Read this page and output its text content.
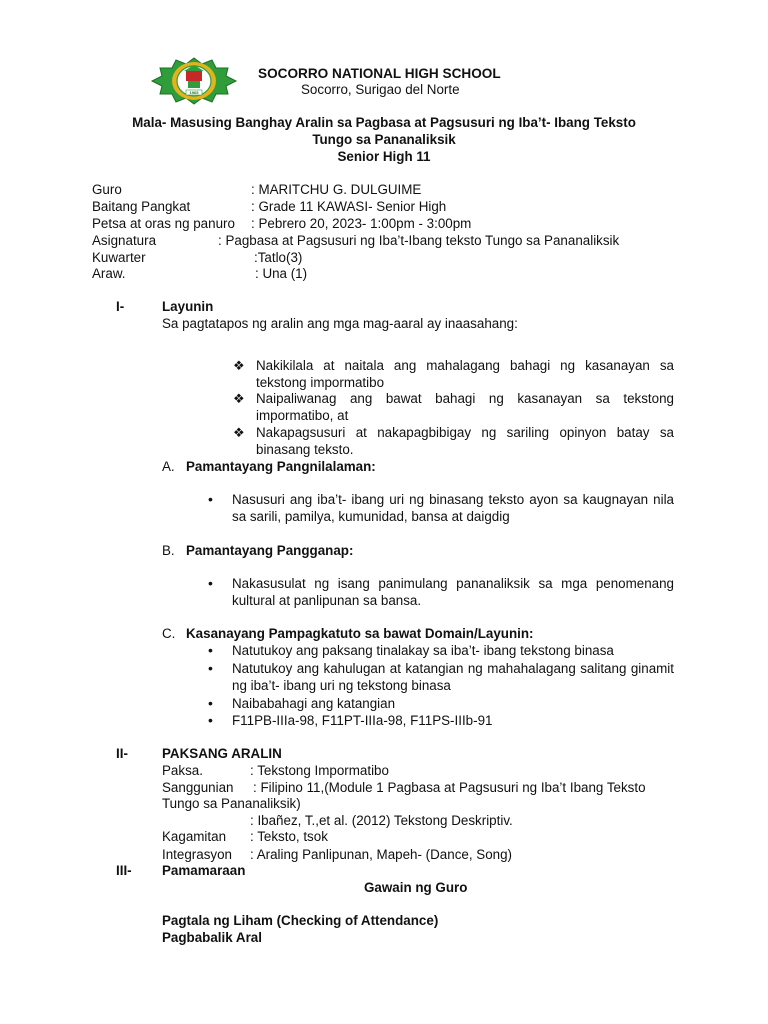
1965
SOCORRO NATIONAL HIGH SCHOOL
Socorro, Surigao del Norte
Mala- Masusing Banghay Aralin sa Pagbasa at Pagsusuri ng Iba’t- Ibang Teksto
Tungo sa Pananaliksik
Senior High 11
Guro	: MARITCHU G. DULGUIME
Baitang Pangkat	: Grade 11 KAWASI- Senior High
Petsa at oras ng panuro : Pebrero 20, 2023- 1:00pm - 3:00pm
Asignatura	: Pagbasa at Pagsusuri ng Iba’t-Ibang teksto Tungo sa Pananaliksik
Kuwarter	:Tatlo(3)
Araw.	: Una (1)
I-	Layunin
Sa pagtatapos ng aralin ang mga mag-aaral ay inaasahang:
❖ Nakikilala at naitala ang mahalagang bahagi ng kasanayan sa tekstong impormatibo
❖ Naipaliwanag ang bawat bahagi ng kasanayan sa tekstong impormatibo, at
❖ Nakapagsusuri at nakapagbibigay ng sariling opinyon batay sa binasang teksto.
A. Pamantayang Pangnilalaman:
• Nasusuri ang iba’t- ibang uri ng binasang teksto ayon sa kaugnayan nila sa sarili, pamilya, kumunidad, bansa at daigdig
B. Pamantayang Pangganap:
• Nakasusulat ng isang panimulang pananaliksik sa mga penomenang kultural at panlipunan sa bansa.
C. Kasanayang Pampagkatuto sa bawat Domain/Layunin:
• Natutukoy ang paksang tinalakay sa iba’t- ibang tekstong binasa
• Natutukoy ang kahulugan at katangian ng mahahalagang salitang ginamit ng iba’t- ibang uri ng tekstong binasa
• Naibabahagi ang katangian
• F11PB-IIIa-98, F11PT-IIIa-98, F11PS-IIIb-91
II-	PAKSANG ARALIN
Paksa.	: Tekstong Impormatibo
Sanggunian : Filipino 11,(Module 1 Pagbasa at Pagsusuri ng Iba’t Ibang Teksto
Tungo sa Pananaliksik)
: Ibañez, T.,et al. (2012) Tekstong Deskriptiv.
Kagamitan : Teksto, tsok
Integrasyon : Araling Panlipunan, Mapeh- (Dance, Song)
III- Pamamaraan
Gawain ng Guro
Pagtala ng Liham (Checking of Attendance)
Pagbabalik Aral
